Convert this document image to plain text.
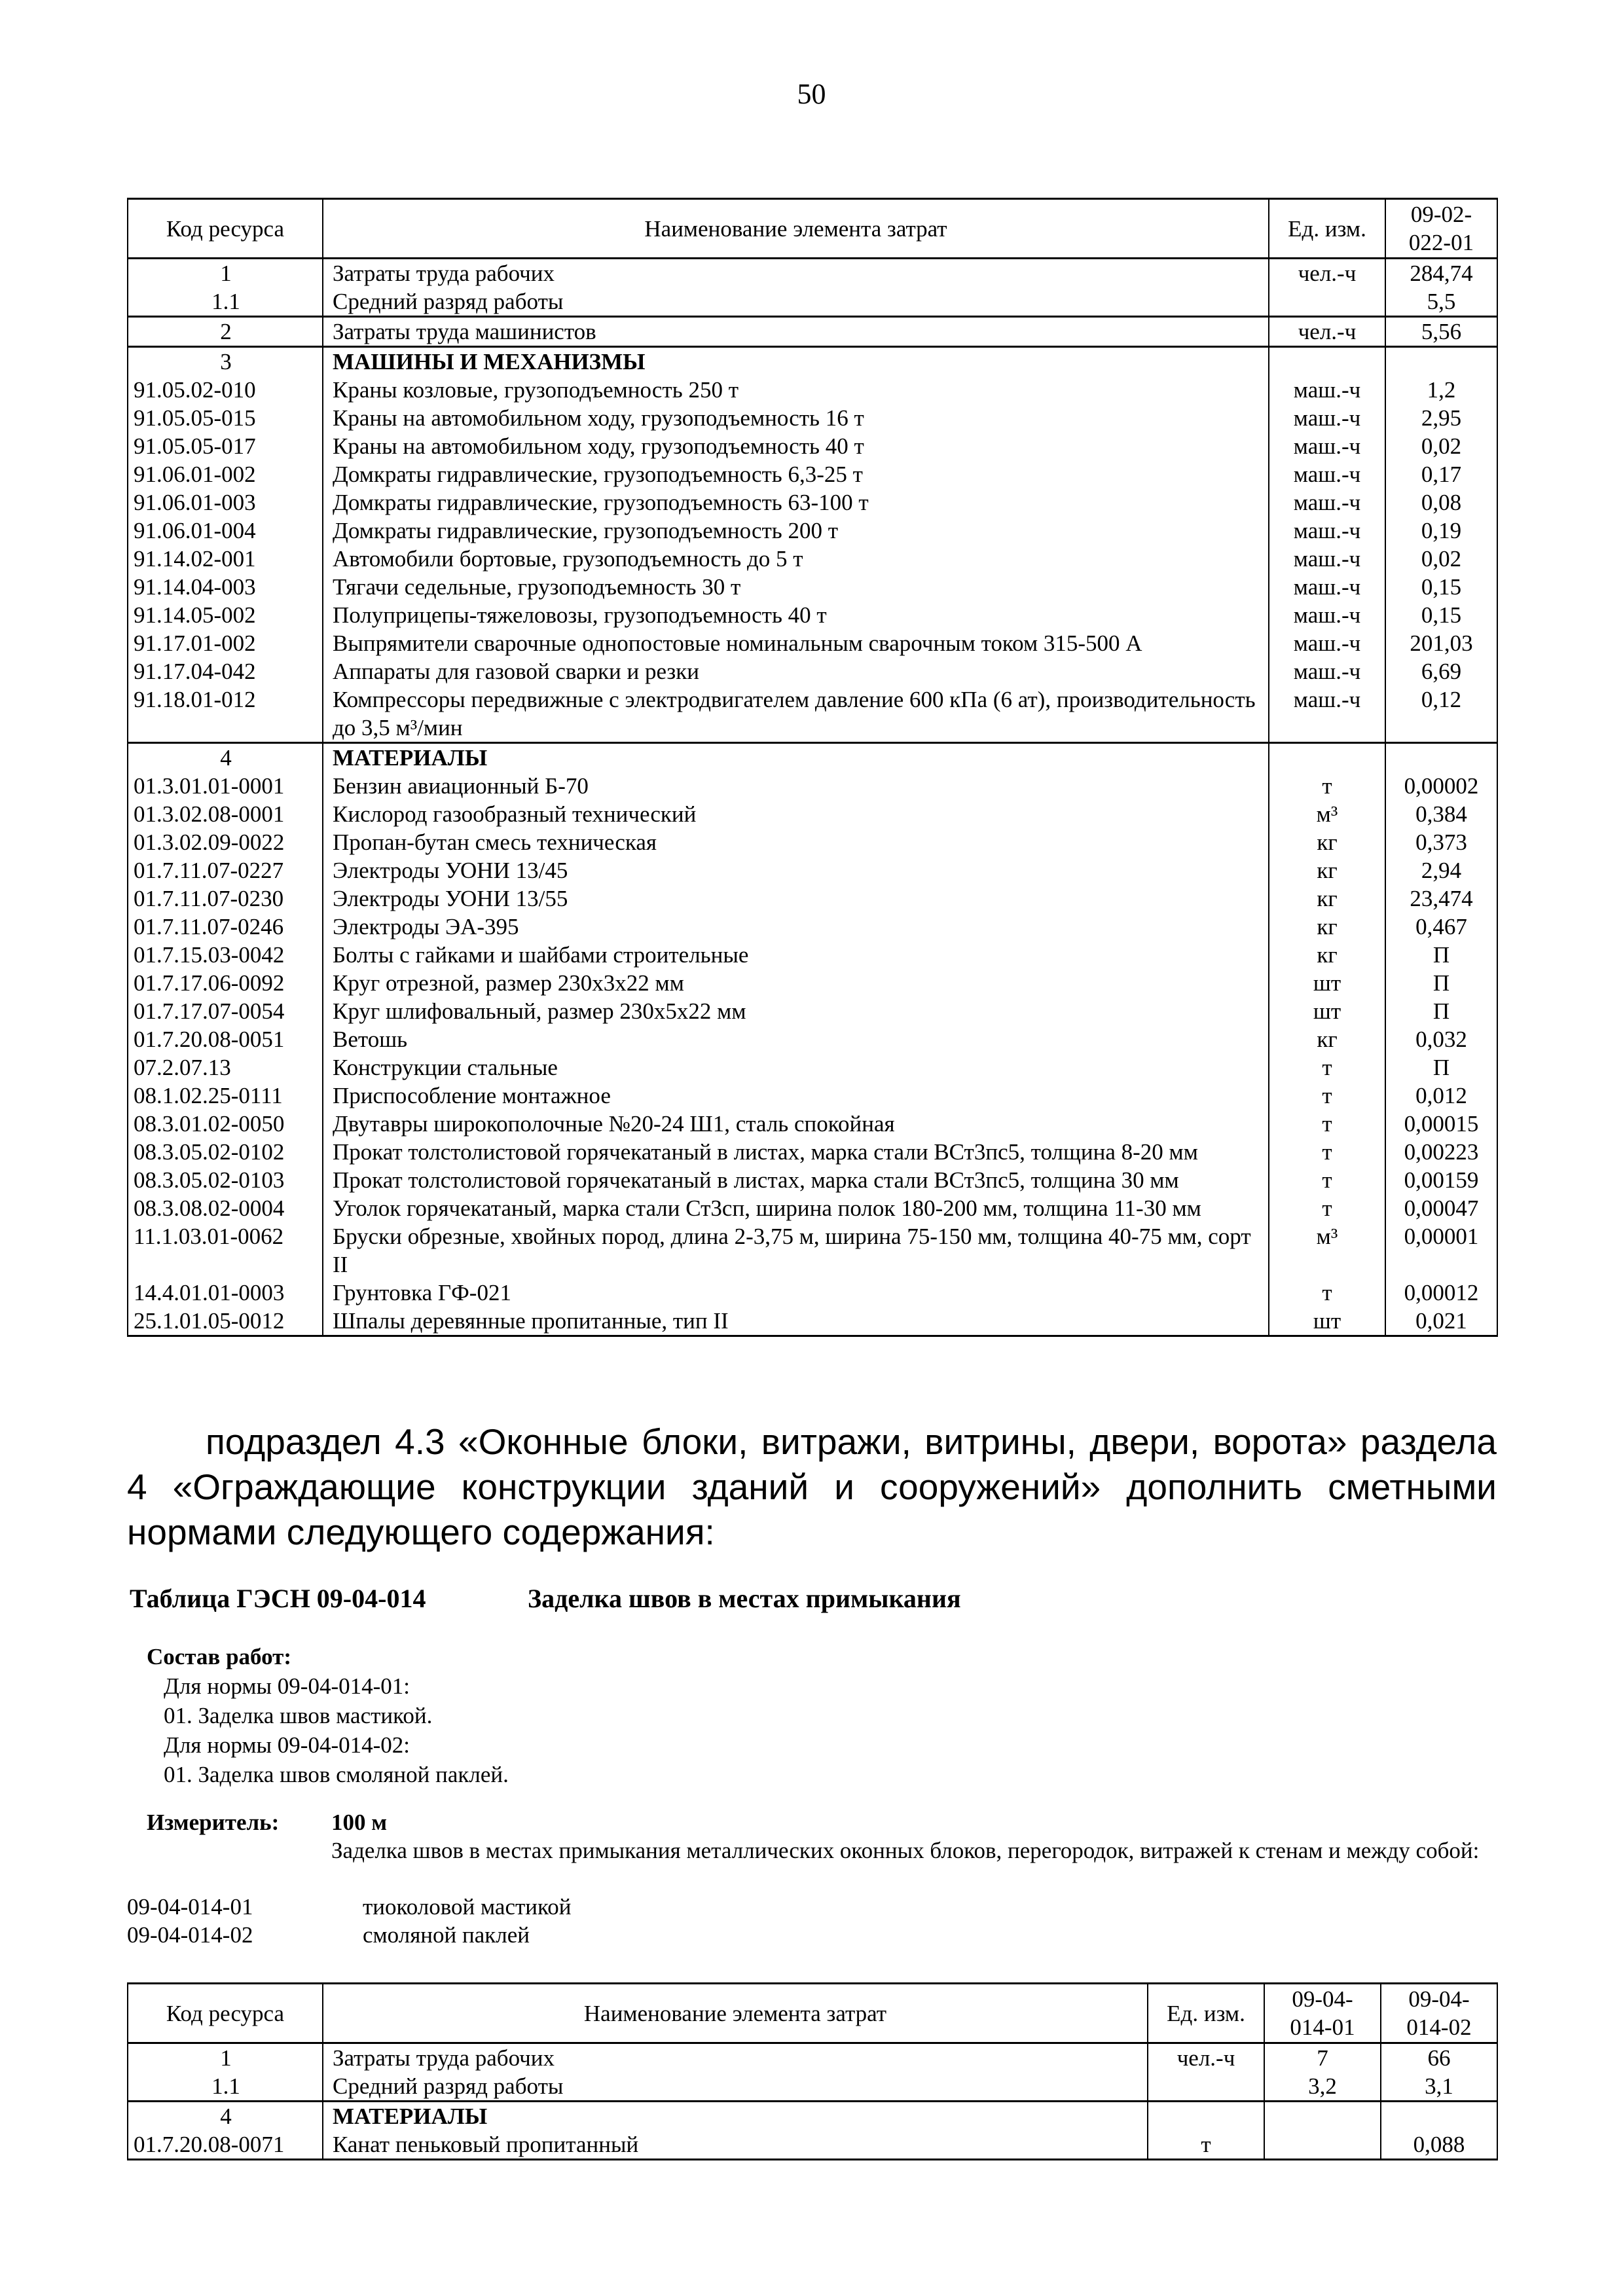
50
Код ресурса	Наименование элемента затрат	Ед. изм.	09-02-022-01
1	Затраты труда рабочих	чел.-ч	284,74
1.1	Средний разряд работы		5,5
2	Затраты труда машинистов	чел.-ч	5,56
3	МАШИНЫ И МЕХАНИЗМЫ		
91.05.02-010	Краны козловые, грузоподъемность 250 т	маш.-ч	1,2
91.05.05-015	Краны на автомобильном ходу, грузоподъемность 16 т	маш.-ч	2,95
91.05.05-017	Краны на автомобильном ходу, грузоподъемность 40 т	маш.-ч	0,02
91.06.01-002	Домкраты гидравлические, грузоподъемность 6,3-25 т	маш.-ч	0,17
91.06.01-003	Домкраты гидравлические, грузоподъемность 63-100 т	маш.-ч	0,08
91.06.01-004	Домкраты гидравлические, грузоподъемность 200 т	маш.-ч	0,19
91.14.02-001	Автомобили бортовые, грузоподъемность до 5 т	маш.-ч	0,02
91.14.04-003	Тягачи седельные, грузоподъемность 30 т	маш.-ч	0,15
91.14.05-002	Полуприцепы-тяжеловозы, грузоподъемность 40 т	маш.-ч	0,15
91.17.01-002	Выпрямители сварочные однопостовые номинальным сварочным током 315-500 А	маш.-ч	201,03
91.17.04-042	Аппараты для газовой сварки и резки	маш.-ч	6,69
91.18.01-012	Компрессоры передвижные с электродвигателем давление 600 кПа (6 ат), производительность до 3,5 м³/мин	маш.-ч	0,12
4	МАТЕРИАЛЫ		
01.3.01.01-0001	Бензин авиационный Б-70	т	0,00002
01.3.02.08-0001	Кислород газообразный технический	м³	0,384
01.3.02.09-0022	Пропан-бутан смесь техническая	кг	0,373
01.7.11.07-0227	Электроды УОНИ 13/45	кг	2,94
01.7.11.07-0230	Электроды УОНИ 13/55	кг	23,474
01.7.11.07-0246	Электроды ЭА-395	кг	0,467
01.7.15.03-0042	Болты с гайками и шайбами строительные	кг	П
01.7.17.06-0092	Круг отрезной, размер 230х3х22 мм	шт	П
01.7.17.07-0054	Круг шлифовальный, размер 230х5х22 мм	шт	П
01.7.20.08-0051	Ветошь	кг	0,032
07.2.07.13	Конструкции стальные	т	П
08.1.02.25-0111	Приспособление монтажное	т	0,012
08.3.01.02-0050	Двутавры широкополочные №20-24 Ш1, сталь спокойная	т	0,00015
08.3.05.02-0102	Прокат толстолистовой горячекатаный в листах, марка стали ВСт3пс5, толщина 8-20 мм	т	0,00223
08.3.05.02-0103	Прокат толстолистовой горячекатаный в листах, марка стали ВСт3пс5, толщина 30 мм	т	0,00159
08.3.08.02-0004	Уголок горячекатаный, марка стали Ст3сп, ширина полок 180-200 мм, толщина 11-30 мм	т	0,00047
11.1.03.01-0062	Бруски обрезные, хвойных пород, длина 2-3,75 м, ширина 75-150 мм, толщина 40-75 мм, сорт II	м³	0,00001
14.4.01.01-0003	Грунтовка ГФ-021	т	0,00012
25.1.01.05-0012	Шпалы деревянные пропитанные, тип II	шт	0,021
подраздел 4.3 «Оконные блоки, витражи, витрины, двери, ворота» раздела 4 «Ограждающие конструкции зданий и сооружений» дополнить сметными нормами следующего содержания:
Таблица ГЭСН 09-04-014	Заделка швов в местах примыкания
Состав работ:
Для нормы 09-04-014-01:
01. Заделка швов мастикой.
Для нормы 09-04-014-02:
01. Заделка швов смоляной паклей.
Измеритель: 100 м
Заделка швов в местах примыкания металлических оконных блоков, перегородок, витражей к стенам и между собой:
09-04-014-01	тиоколовой мастикой
09-04-014-02	смоляной паклей
Код ресурса	Наименование элемента затрат	Ед. изм.	09-04-014-01	09-04-014-02
1	Затраты труда рабочих	чел.-ч	7	66
1.1	Средний разряд работы		3,2	3,1
4	МАТЕРИАЛЫ			
01.7.20.08-0071	Канат пеньковый пропитанный	т		0,088
